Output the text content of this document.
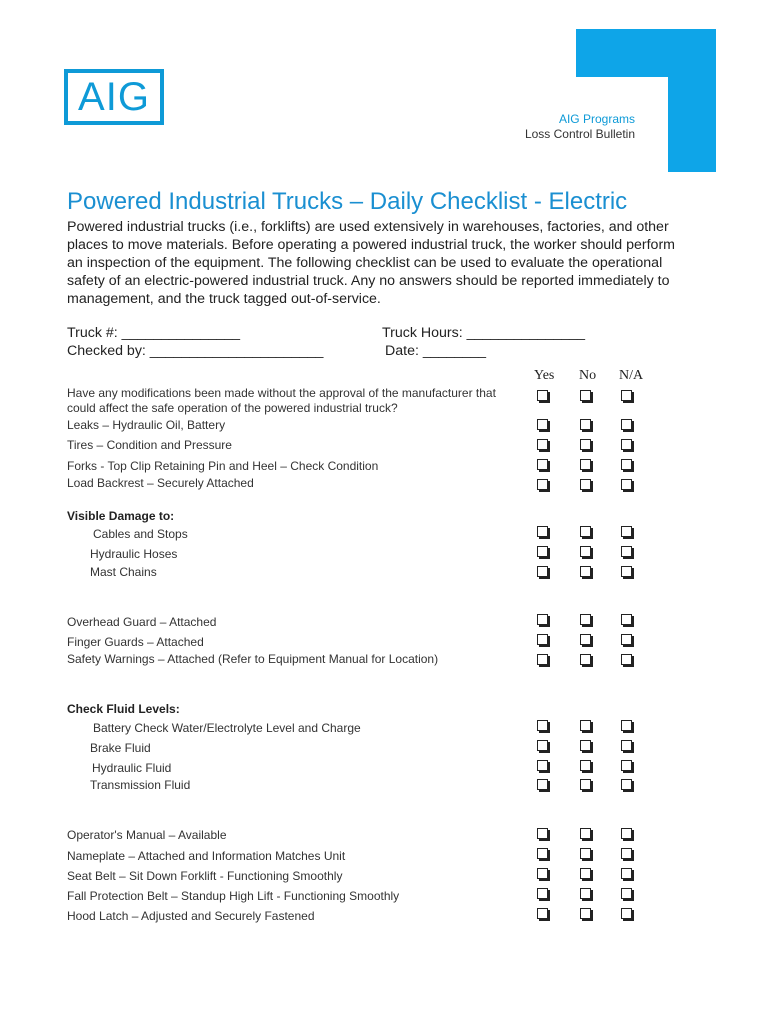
AIG	AIG Programs
Loss Control Bulletin
Powered Industrial Trucks – Daily Checklist - Electric
Powered industrial trucks (i.e., forklifts) are used extensively in warehouses, factories, and other places to move materials. Before operating a powered industrial truck, the worker should perform an inspection of the equipment. The following checklist can be used to evaluate the operational safety of an electric-powered industrial truck. Any no answers should be reported immediately to management, and the truck tagged out-of-service.
Truck #: _______________	Truck Hours: _______________
Checked by: ______________________	Date: ________
Yes No N/A
Have any modifications been made without the approval of the manufacturer that
could affect the safe operation of the powered industrial truck?
Leaks – Hydraulic Oil, Battery
Tires – Condition and Pressure
Forks - Top Clip Retaining Pin and Heel – Check Condition
Load Backrest – Securely Attached
Visible Damage to:
Cables and Stops
Hydraulic Hoses
Mast Chains
Overhead Guard – Attached
Finger Guards – Attached
Safety Warnings – Attached (Refer to Equipment Manual for Location)
Check Fluid Levels:
Battery Check Water/Electrolyte Level and Charge
Brake Fluid
Hydraulic Fluid
Transmission Fluid
Operator's Manual – Available
Nameplate – Attached and Information Matches Unit
Seat Belt – Sit Down Forklift - Functioning Smoothly
Fall Protection Belt – Standup High Lift - Functioning Smoothly
Hood Latch – Adjusted and Securely Fastened
